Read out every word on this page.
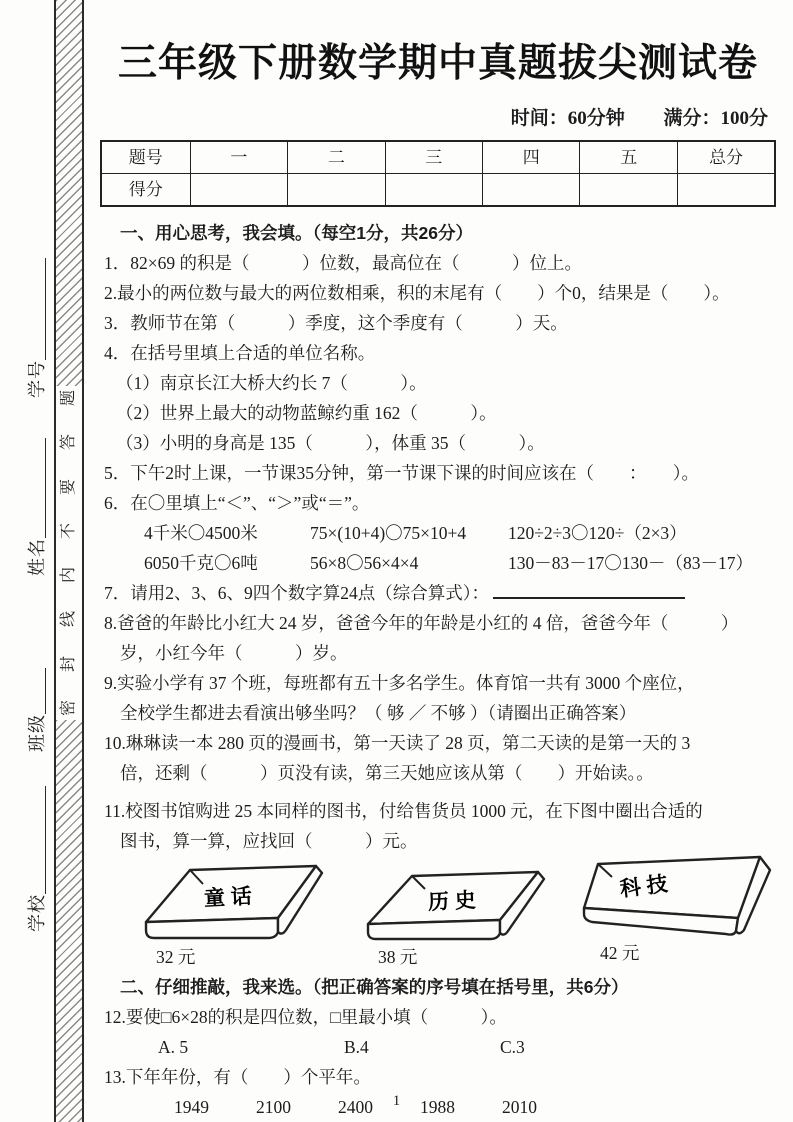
学校
班级
姓名
学号 题
答
要
不
内
线
封
密
三年级下册数学期中真题拔尖测试卷
时间：60分钟 满分：100分
题号	一	二	三	四	五	总分
得分						
一、用心思考，我会填。（每空1分，共26分）

1．82×69 的积是（　　　）位数，最高位在（　　　）位上。

2.最小的两位数与最大的两位数相乘，积的末尾有（　　）个0，结果是（　　）。

3．教师节在第（　　　）季度，这个季度有（　　　）天。

4．在括号里填上合适的单位名称。

（1）南京长江大桥大约长 7（　　　）。

（2）世界上最大的动物蓝鲸约重 162（　　　）。

（3）小明的身高是 135（　　　），体重 35（　　　）。

5．下午2时上课，一节课35分钟，第一节课下课的时间应该在（　　：　　）。

6．在〇里填上“＜”、“＞”或“＝”。

4千米〇4500米	75×(10+4)〇75×10+4	120÷2÷3〇120÷（2×3）
6050千克〇6吨	56×8〇56×4×4	130－83－17〇130－（83－17）

7．请用2、3、6、9四个数字算24点（综合算式）：

8.爸爸的年龄比小红大 24 岁，爸爸今年的年龄是小红的 4 倍，爸爸今年（　　　）

岁，小红今年（　　　）岁。

9.实验小学有 37 个班，每班都有五十多名学生。体育馆一共有 3000 个座位，

全校学生都进去看演出够坐吗？（ 够 ／ 不够 ）（请圈出正确答案）

10.琳琳读一本 280 页的漫画书，第一天读了 28 页，第二天读的是第一天的 3

倍，还剩（　　　）页没有读，第三天她应该从第（　　）开始读。。

11.校图书馆购进 25 本同样的图书，付给售货员 1000 元，在下图中圈出合适的

图书，算一算，应找回（　　　）元。

童 话
32 元
历 史
38 元
科 技
42 元
二、仔细推敲，我来选。（把正确答案的序号填在括号里，共6分）

12.要使□6×28的积是四位数，□里最小填（　　　）。

A. 5	B.4	C.3

13.下年年份，有（　　）个平年。

1949	2100	2400	1988	2010
1
